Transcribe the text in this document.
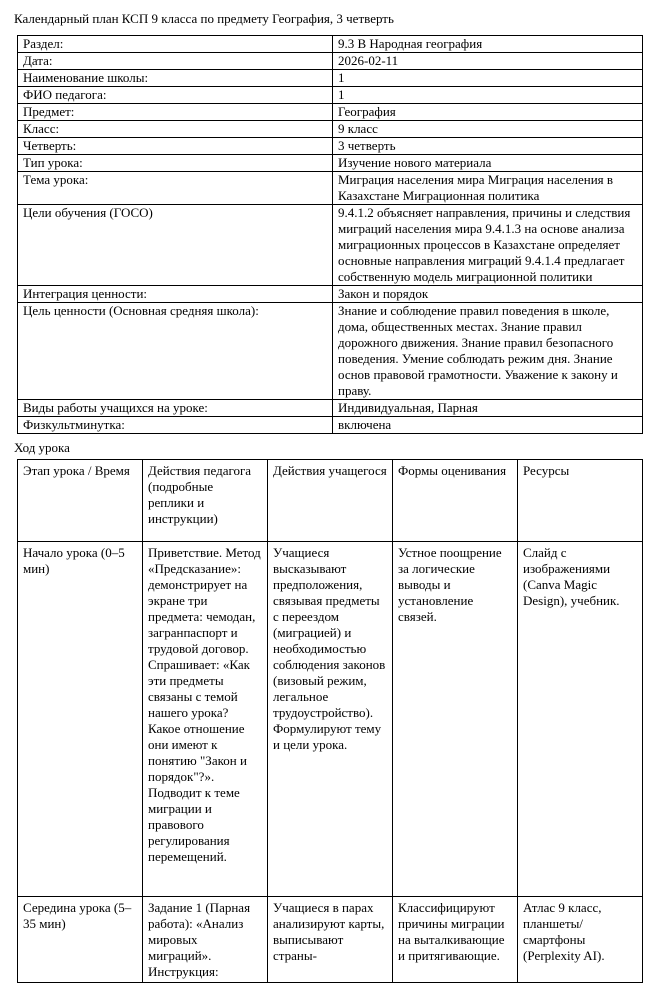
Календарный план КСП 9 класса по предмету География, 3 четверть
Раздел:	9.3 В Народная география
Дата:	2026-02-11
Наименование школы:	1
ФИО педагога:	1
Предмет:	География
Класс:	9 класс
Четверть:	3 четверть
Тип урока:	Изучение нового материала
Тема урока:	Миграция населения мира Миграция населения в Казахстане Миграционная политика
Цели обучения (ГОСО)	9.4.1.2 объясняет направления, причины и следствия миграций населения мира 9.4.1.3 на основе анализа миграционных процессов в Казахстане определяет основные направления миграций 9.4.1.4 предлагает собственную модель миграционной политики
Интеграция ценности:	Закон и порядок
Цель ценности (Основная средняя школа):	Знание и соблюдение правил поведения в школе, дома, общественных местах. Знание правил дорожного движения. Знание правил безопасного поведения. Умение соблюдать режим дня. Знание основ правовой грамотности. Уважение к закону и праву.
Виды работы учащихся на уроке:	Индивидуальная, Парная
Физкультминутка:	включена
Ход урока
Этап урока / Время	Действия педагога (подробные реплики и инструкции)	Действия учащегося	Формы оценивания	Ресурсы
Начало урока (0–5 мин)	Приветствие. Метод «Предсказание»: демонстрирует на экране три предмета: чемодан, загранпаспорт и трудовой договор. Спрашивает: «Как эти предметы связаны с темой нашего урока? Какое отношение они имеют к понятию "Закон и порядок"?». Подводит к теме миграции и правового регулирования перемещений.	Учащиеся высказывают предположения, связывая предметы с переездом (миграцией) и необходимостью соблюдения законов (визовый режим, легальное трудоустройство). Формулируют тему и цели урока.	Устное поощрение за логические выводы и установление связей.	Слайд с изображениями (Canva Magic Design), учебник.
Середина урока (5–35 мин)	Задание 1 (Парная работа): «Анализ мировых миграций». Инструкция:	Учащиеся в парах анализируют карты, выписывают страны-	Классифицируют причины миграции на выталкивающие и притягивающие.	Атлас 9 класс, планшеты/смартфоны (Perplexity AI).
